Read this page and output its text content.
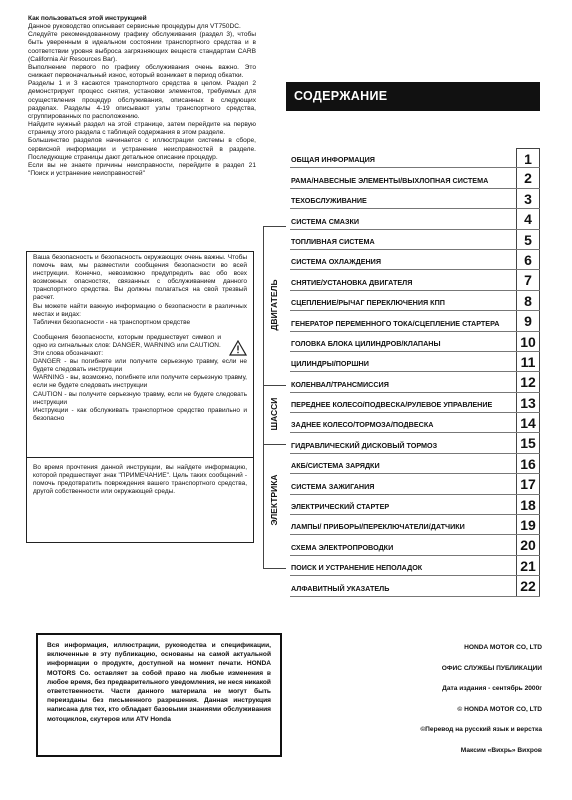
Как пользоваться этой инструкцией

Данное руководство описывает сервисные процедуры для VT750DC.

Следуйте рекомендованному графику обслуживания (раздел 3), чтобы быть уверенным в идеальном состоянии транспортного средства и в соответствии уровня выброса загрязняющих веществ стандартам CARB (California Air Resources Bar).

Выполнение первого по графику обслуживания очень важно. Это снижает первоначальный износ, который возникает в период обкатки.

Разделы 1 и 3 касаются транспортного средства в целом. Раздел 2 демонстрирует процесс снятия, установки элементов, требуемых для осуществления процедур обслуживания, описанных в следующих разделах. Разделы 4-19 описывают узлы транспортного средства, сгруппированных по расположению.

Найдите нужный раздел на этой странице, затем перейдите на первую страницу этого раздела с таблицей содержания в этом разделе.

Большинство разделов начинается с иллюстрации системы в сборе, сервисной информации и устранение неисправностей в разделе. Последующие страницы дают детальное описание процедур.

Если вы не знаете причины неисправности, перейдите в раздел 21 "Поиск и устранение неисправностей"

Ваша безопасность и безопасность окружающих очень важны. Чтобы помочь вам, мы разместили сообщения безопасности во всей инструкции. Конечно, невозможно предупредить вас обо всех возможных опасностях, связанных с обслуживанием данного транспортного средства. Вы должны полагаться на свой трезвый расчет.

Вы можете найти важную информацию о безопасности в различных местах и видах:

Таблички безопасности - на транспортном средстве

Сообщения безопасности, которым предшествует символ и одно из сигнальных слов: DANGER, WARNING или CAUTION.

Эти слова обозначают:

DANGER - вы погибнете или получите серьезную травму, если не будете следовать инструкции

WARNING - вы, возможно, погибнете или получите серьезную травму, если не будете следовать инструкции

CAUTION - вы получите серьезную травму, если не будете следовать инструкции

Инструкции - как обслуживать транспортное средство правильно и безопасно

Во время прочтения данной инструкции, вы найдете информацию, которой предшествует знак "ПРИМЕЧАНИЕ". Цель таких сообщений - помочь предотвратить повреждения вашего транспортного средства, другой собственности или окружающей среды.

СОДЕРЖАНИЕ
ДВИГАТЕЛЬ
ШАССИ
ЭЛЕКТРИКА
ОБЩАЯ ИНФОРМАЦИЯ	1
РАМА/НАВЕСНЫЕ ЭЛЕМЕНТЫ/ВЫХЛОПНАЯ СИСТЕМА	2
ТЕХОБСЛУЖИВАНИЕ	3
СИСТЕМА СМАЗКИ	4
ТОПЛИВНАЯ СИСТЕМА	5
СИСТЕМА ОХЛАЖДЕНИЯ	6
СНЯТИЕ/УСТАНОВКА ДВИГАТЕЛЯ	7
СЦЕПЛЕНИЕ/РЫЧАГ ПЕРЕКЛЮЧЕНИЯ КПП	8
ГЕНЕРАТОР ПЕРЕМЕННОГО ТОКА/СЦЕПЛЕНИЕ СТАРТЕРА	9
ГОЛОВКА БЛОКА ЦИЛИНДРОВ/КЛАПАНЫ	10
ЦИЛИНДРЫ/ПОРШНИ	11
КОЛЕНВАЛ/ТРАНСМИССИЯ	12
ПЕРЕДНЕЕ КОЛЕСО/ПОДВЕСКА/РУЛЕВОЕ УПРАВЛЕНИЕ	13
ЗАДНЕЕ КОЛЕСО/ТОРМОЗА/ПОДВЕСКА	14
ГИДРАВЛИЧЕСКИЙ ДИСКОВЫЙ ТОРМОЗ	15
АКБ/СИСТЕМА ЗАРЯДКИ	16
СИСТЕМА ЗАЖИГАНИЯ	17
ЭЛЕКТРИЧЕСКИЙ СТАРТЕР	18
ЛАМПЫ/ ПРИБОРЫ/ПЕРЕКЛЮЧАТЕЛИ/ДАТЧИКИ	19
СХЕМА ЭЛЕКТРОПРОВОДКИ	20
ПОИСК И УСТРАНЕНИЕ НЕПОЛАДОК	21
АЛФАВИТНЫЙ УКАЗАТЕЛЬ	22

Вся информация, иллюстрации, руководства и спецификации, включенные в эту публикацию, основаны на самой актуальной информации о продукте, доступной на момент печати. HONDA MOTORS Co. оставляет за собой право на любые изменения в любое время, без предварительного уведомления, не неся никакой ответственности. Части данного материала не могут быть переизданы без письменного разрешения. Данная инструкция написана для тех, кто обладает базовыми знаниями обслуживания мотоциклов, скутеров или ATV Honda

HONDA MOTOR CO, LTD
ОФИС СЛУЖБЫ ПУБЛИКАЦИИ
Дата издания - сентябрь 2000г
© HONDA MOTOR CO, LTD
©Перевод на русский язык и верстка
Максим «Вихрь» Вихров
